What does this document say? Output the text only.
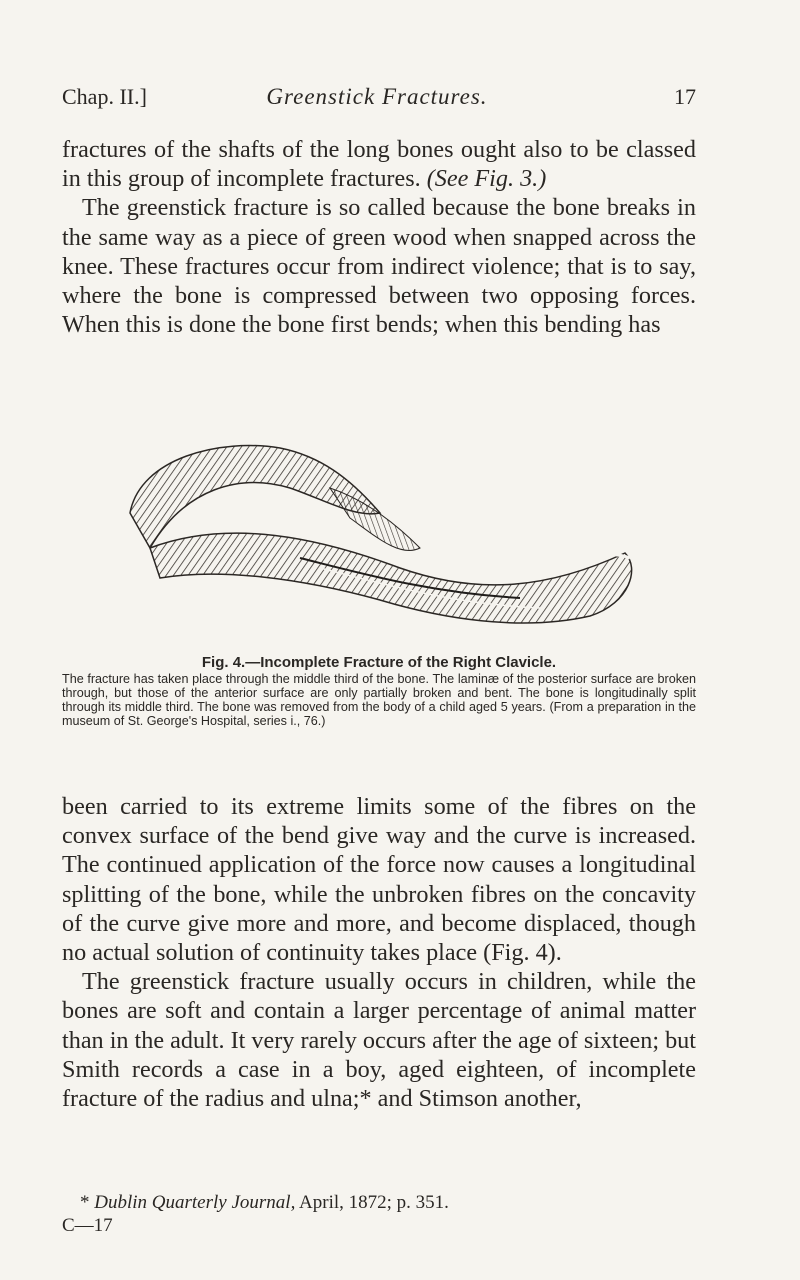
Chap. II.]	Greenstick Fractures.	17

fractures of the shafts of the long bones ought also to be classed in this group of incomplete fractures. (See Fig. 3.)

The greenstick fracture is so called because the bone breaks in the same way as a piece of green wood when snapped across the knee. These fractures occur from indirect violence; that is to say, where the bone is compressed between two opposing forces. When this is done the bone first bends; when this bending has

Fig. 4.—Incomplete Fracture of the Right Clavicle.
The fracture has taken place through the middle third of the bone. The laminæ of the posterior surface are broken through, but those of the anterior surface are only partially broken and bent. The bone is longitudinally split through its middle third. The bone was removed from the body of a child aged 5 years. (From a preparation in the museum of St. George's Hospital, series i., 76.)

been carried to its extreme limits some of the fibres on the convex surface of the bend give way and the curve is increased. The continued application of the force now causes a longitudinal splitting of the bone, while the unbroken fibres on the concavity of the curve give more and more, and become displaced, though no actual solution of continuity takes place (Fig. 4).

The greenstick fracture usually occurs in children, while the bones are soft and contain a larger percentage of animal matter than in the adult. It very rarely occurs after the age of sixteen; but Smith records a case in a boy, aged eighteen, of incomplete fracture of the radius and ulna;* and Stimson another,

* Dublin Quarterly Journal, April, 1872; p. 351.
C—17
